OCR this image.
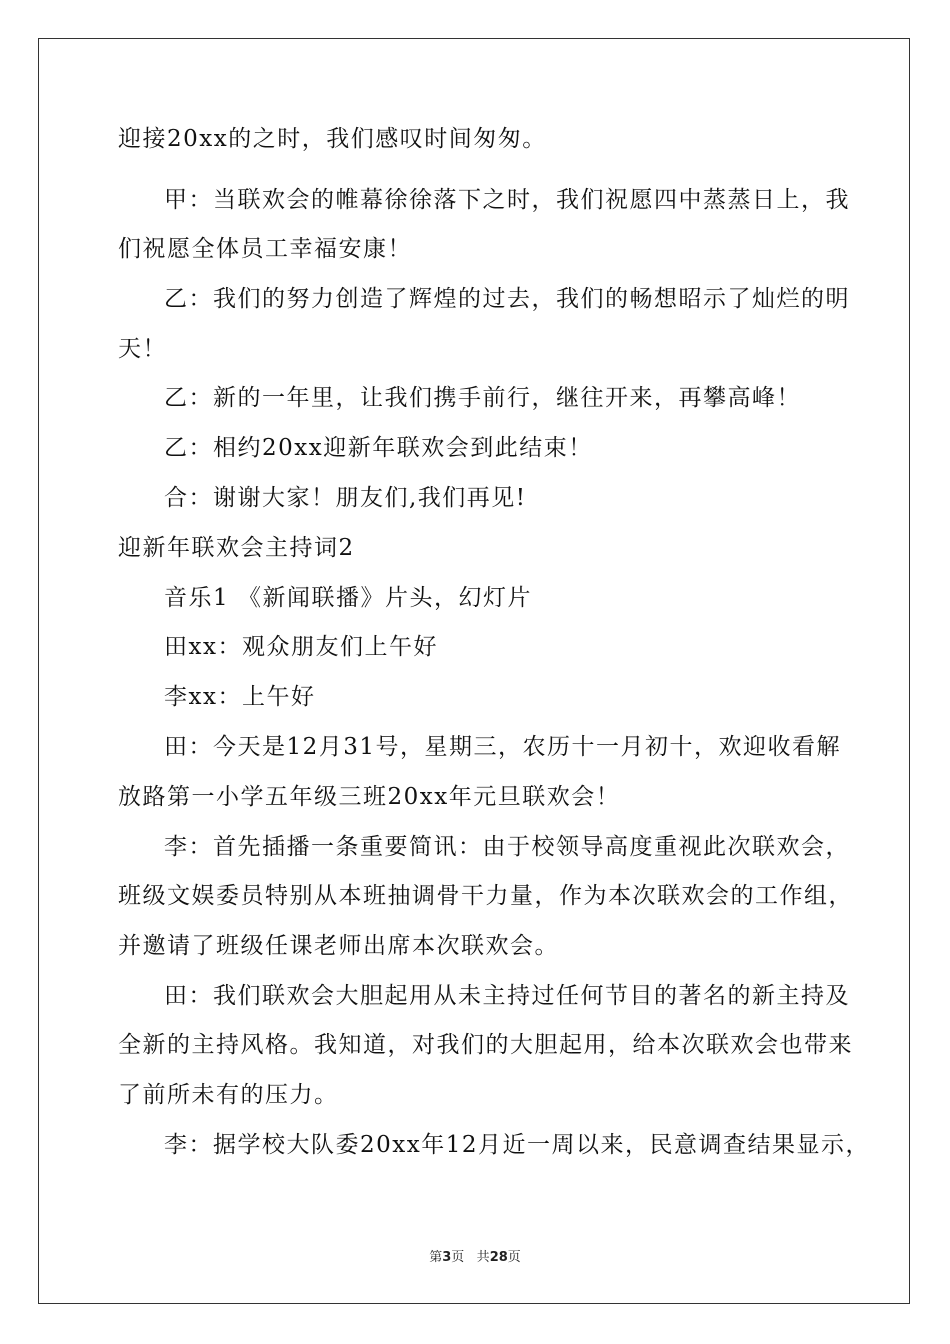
迎接20xx的之时，我们感叹时间匆匆。
甲：当联欢会的帷幕徐徐落下之时，我们祝愿四中蒸蒸日上，我
们祝愿全体员工幸福安康！
乙：我们的努力创造了辉煌的过去，我们的畅想昭示了灿烂的明
天！
乙：新的一年里，让我们携手前行，继往开来，再攀高峰！
乙：相约20xx迎新年联欢会到此结束！
合：谢谢大家！朋友们,我们再见!
迎新年联欢会主持词2
音乐1 《新闻联播》片头，幻灯片
田xx：观众朋友们上午好
李xx：上午好
田：今天是12月31号，星期三，农历十一月初十，欢迎收看解
放路第一小学五年级三班20xx年元旦联欢会！
李：首先插播一条重要简讯：由于校领导高度重视此次联欢会，
班级文娱委员特别从本班抽调骨干力量，作为本次联欢会的工作组，
并邀请了班级任课老师出席本次联欢会。
田：我们联欢会大胆起用从未主持过任何节目的著名的新主持及
全新的主持风格。我知道，对我们的大胆起用，给本次联欢会也带来
了前所未有的压力。
李：据学校大队委20xx年12月近一周以来，民意调查结果显示，
第3页 共28页
